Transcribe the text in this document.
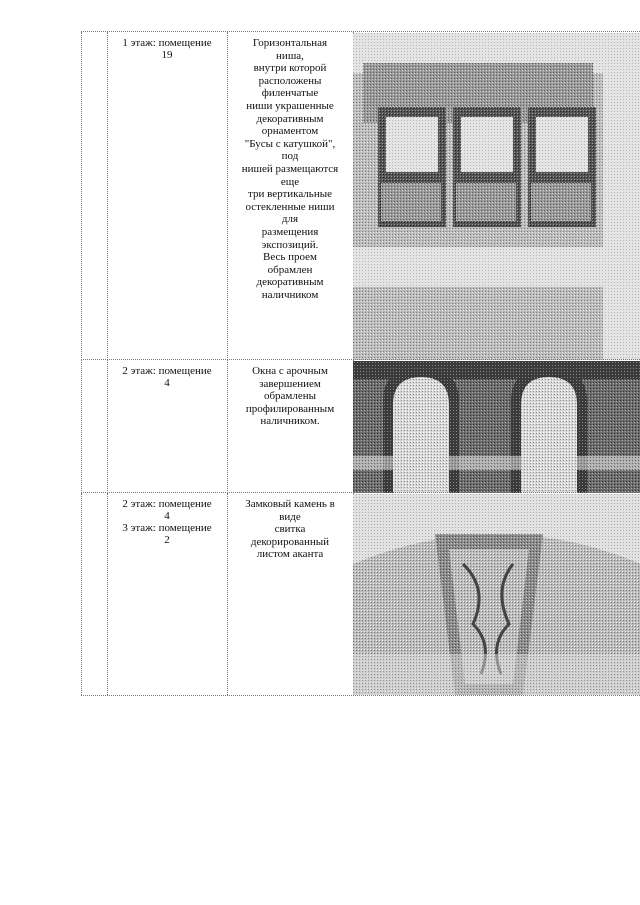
1 этаж: помещение
19
Горизонтальная
ниша,
внутри которой
расположены
филенчатые
ниши украшенные
декоративным
орнаментом
"Бусы с катушкой",
под
нишей размещаются
еще
три вертикальные
остекленные ниши
для
размещения
экспозиций.
Весь проем
обрамлен
декоративным
наличником
2 этаж: помещение
4
Окна с арочным
завершением
обрамлены
профилированным
наличником.
2 этаж: помещение
4
3 этаж: помещение
2
Замковый камень в
виде
свитка
декорированный
листом аканта
